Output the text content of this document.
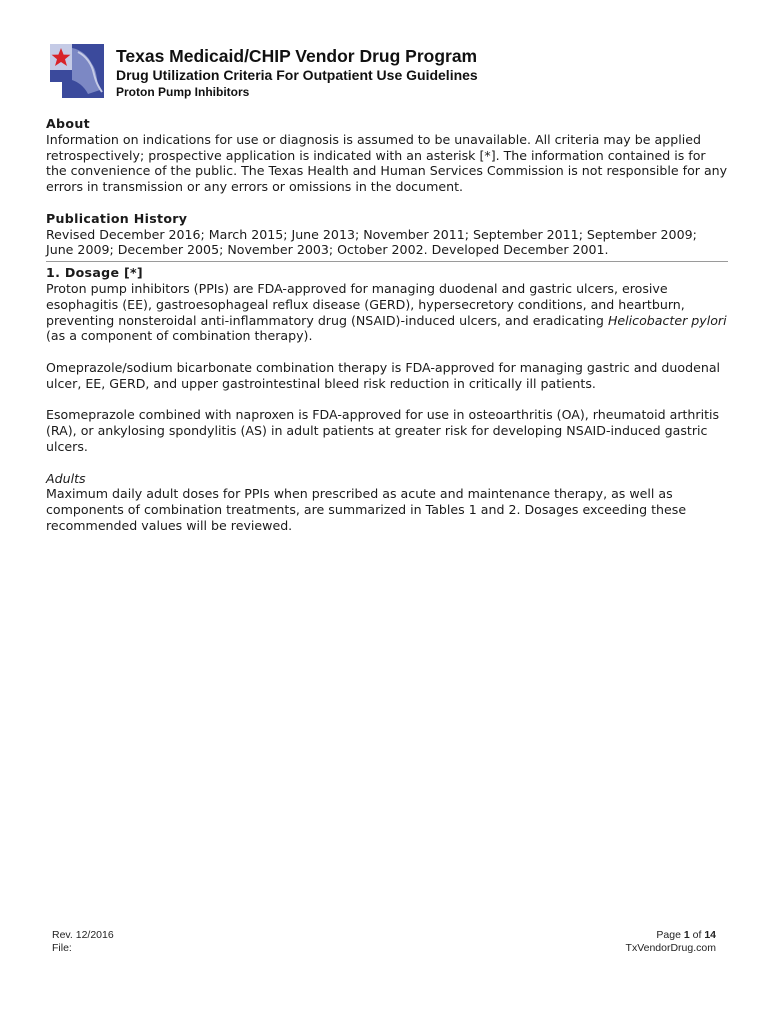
Texas Medicaid/CHIP Vendor Drug Program
Drug Utilization Criteria For Outpatient Use Guidelines
Proton Pump Inhibitors
About

Information on indications for use or diagnosis is assumed to be unavailable. All criteria may be applied retrospectively; prospective application is indicated with an asterisk [*]. The information contained is for the convenience of the public. The Texas Health and Human Services Commission is not responsible for any errors in transmission or any errors or omissions in the document.

Publication History

Revised December 2016; March 2015; June 2013; November 2011; September 2011; September 2009; June 2009; December 2005; November 2003; October 2002. Developed December 2001.

1. Dosage [*]

Proton pump inhibitors (PPIs) are FDA-approved for managing duodenal and gastric ulcers, erosive esophagitis (EE), gastroesophageal reflux disease (GERD), hypersecretory conditions, and heartburn, preventing nonsteroidal anti-inflammatory drug (NSAID)-induced ulcers, and eradicating Helicobacter pylori (as a component of combination therapy).

Omeprazole/sodium bicarbonate combination therapy is FDA-approved for managing gastric and duodenal ulcer, EE, GERD, and upper gastrointestinal bleed risk reduction in critically ill patients.

Esomeprazole combined with naproxen is FDA-approved for use in osteoarthritis (OA), rheumatoid arthritis (RA), or ankylosing spondylitis (AS) in adult patients at greater risk for developing NSAID-induced gastric ulcers.

Adults

Maximum daily adult doses for PPIs when prescribed as acute and maintenance therapy, as well as components of combination treatments, are summarized in Tables 1 and 2. Dosages exceeding these recommended values will be reviewed.

Rev. 12/2016
File:
Page 1 of 14
TxVendorDrug.com
